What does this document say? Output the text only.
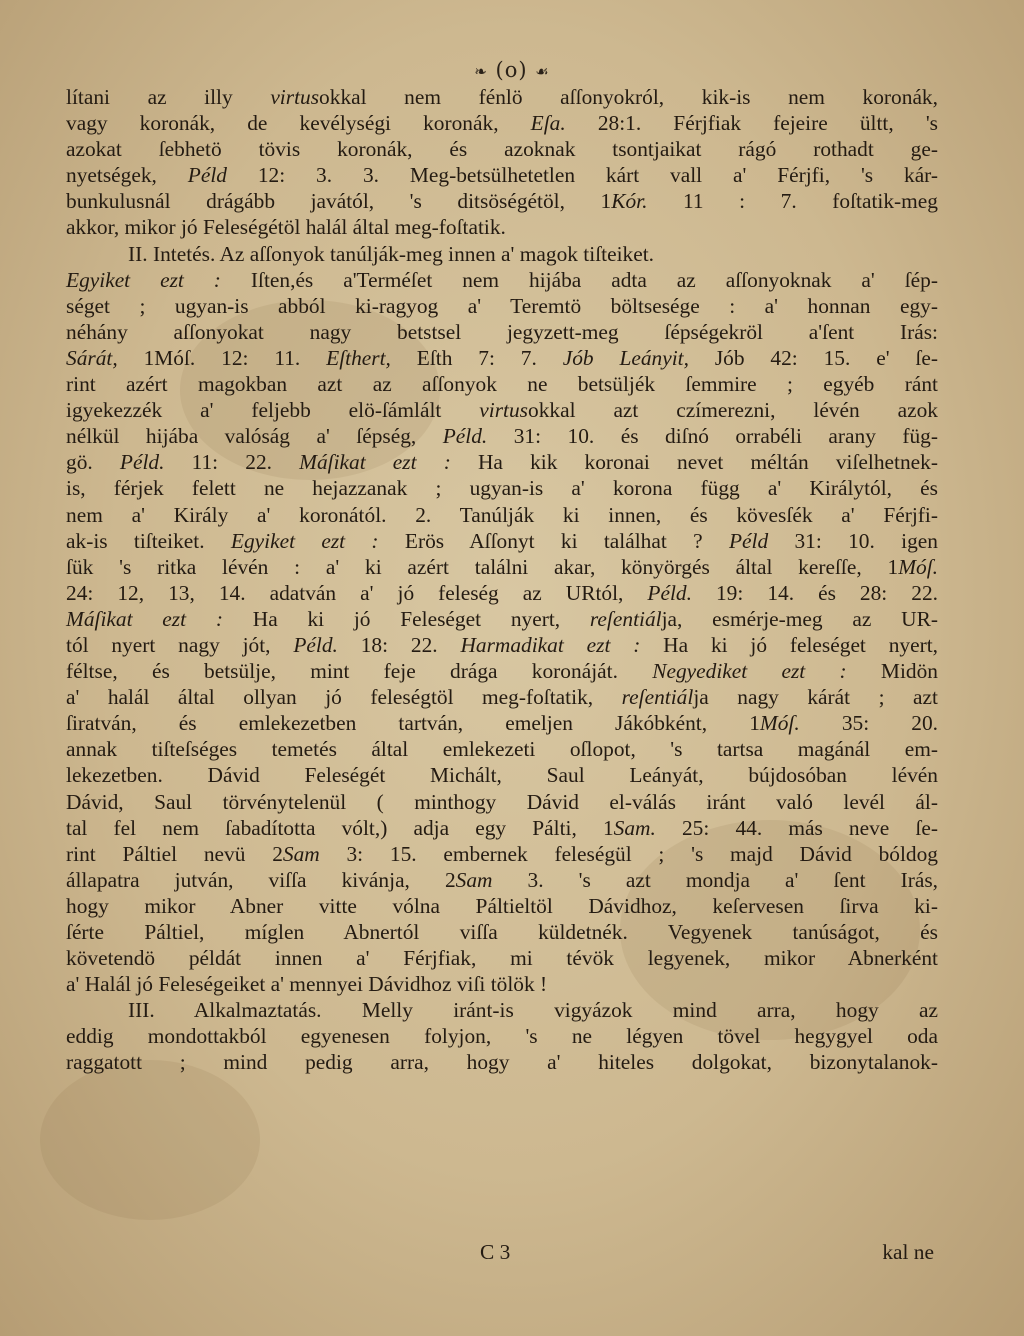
❧ (o) ☙
lítani az illy virtusokkal nem fénlö aſſonyokról, kik-is nem koronák,
vagy koronák, de kevélységi koronák, Eſa. 28:1. Férjfiak fejeire ültt, 's
azokat ſebhetö tövis koronák, és azoknak tsontjaikat rágó rothadt ge-
nyetségek, Péld 12: 3. 3. Meg-betsülhetetlen kárt vall a' Férjfi, 's kár-
bunkulusnál drágább javától, 's ditsöségétöl, 1Kór. 11 : 7. foſtatik-meg
akkor, mikor jó Feleségétöl halál által meg-foſtatik.
II. Intetés. Az aſſonyok tanúlják-meg innen a' magok tiſteiket.
Egyiket ezt : Iſten,és a'Terméſet nem hijába adta az aſſonyoknak a' ſép-
séget ; ugyan-is abból ki-ragyog a' Teremtö böltsesége : a' honnan egy-
néhány aſſonyokat nagy betstsel jegyzett-meg ſépségekröl a'ſent Irás:
Sárát, 1Móſ. 12: 11. Eſthert, Eſth 7: 7. Jób Leányit, Jób 42: 15. e' ſe-
rint azért magokban azt az aſſonyok ne betsüljék ſemmire ; egyéb ránt
igyekezzék a' feljebb elö-ſámlált virtusokkal azt czímerezni, lévén azok
nélkül hijába valóság a' ſépség, Péld. 31: 10. és diſnó orrabéli arany füg-
gö. Péld. 11: 22. Máſikat ezt : Ha kik koronai nevet méltán viſelhetnek-
is, férjek felett ne hejazzanak ; ugyan-is a' korona függ a' Királytól, és
nem a' Király a' koronától. 2. Tanúlják ki innen, és kövesſék a' Férjfi-
ak-is tiſteiket. Egyiket ezt : Erös Aſſonyt ki találhat ? Péld 31: 10. igen
ſük 's ritka lévén : a' ki azért találni akar, könyörgés által kereſſe, 1Móſ.
24: 12, 13, 14. adatván a' jó feleség az URtól, Péld. 19: 14. és 28: 22.
Máſikat ezt : Ha ki jó Feleséget nyert, reſentiálja, esmérje-meg az UR-
tól nyert nagy jót, Péld. 18: 22. Harmadikat ezt : Ha ki jó feleséget nyert,
féltse, és betsülje, mint feje drága koronáját. Negyediket ezt : Midön
a' halál által ollyan jó feleségtöl meg-foſtatik, reſentiálja nagy kárát ; azt
ſiratván, és emlekezetben tartván, emeljen Jákóbként, 1Móſ. 35: 20.
annak tiſteſséges temetés által emlekezeti oſlopot, 's tartsa magánál em-
lekezetben. Dávid Feleségét Michált, Saul Leányát, bújdosóban lévén
Dávid, Saul törvénytelenül ( minthogy Dávid el-válás iránt való levél ál-
tal fel nem ſabadította vólt,) adja egy Pálti, 1Sam. 25: 44. más neve ſe-
rint Páltiel nevü 2Sam 3: 15. embernek feleségül ; 's majd Dávid bóldog
állapatra jutván, viſſa kivánja, 2Sam 3. 's azt mondja a' ſent Irás,
hogy mikor Abner vitte vólna Páltieltöl Dávidhoz, keſervesen ſirva ki-
ſérte Páltiel, míglen Abnertól viſſa küldetnék. Vegyenek tanúságot, és
követendö példát innen a' Férjfiak, mi tévök legyenek, mikor Abnerként
a' Halál jó Feleségeiket a' mennyei Dávidhoz viſi tölök !
III. Alkalmaztatás. Melly iránt-is vigyázok mind arra, hogy az
eddig mondottakból egyenesen folyjon, 's ne légyen tövel hegygyel oda
raggatott ; mind pedig arra, hogy a' hiteles dolgokat, bizonytalanok-
C 3	kal ne
